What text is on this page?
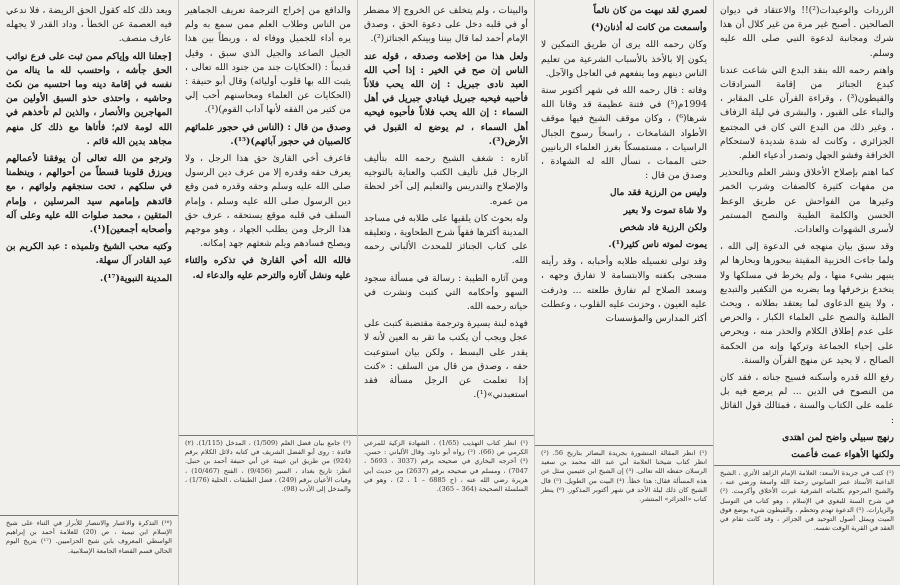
الزردات والوعيدات(²)!! والاعتقاد في ديوان الصالحين . أصبح غير مرة من غير كلال أن هذا شرك ومجانبة لدعوة النبي صلى الله عليه وسلم.

واهتم رحمه الله بنقد البدع التي شاعت عندنا كبدع الجنائز من إقامة السرادقات والقيطون(³) ، وقراءة القرآن على المقابر ، والبناء على القبور ، والبشرى في ليلة الزفاف ، وغير ذلك من البدع التي كان في المجتمع الجزائري ، وكانت له شدة شديدة لاستحكام الخرافة وفشو الجهل وتصدر أدعياء العلم.

كما اهتم بإصلاح الأخلاق ونشر العلم وبالتحذير من مفهات كثيرة كالصفات وشرب الخمر وغيرها من الفواحش عن طريق الوعظ الحسن والكلمة الطيبة والنصح المستمر لأسرى الشهوات والعادات.

وقد سبق بيان منهجه في الدعوة إلى الله ، ولما جاءت الحزبية المقيتة ببحورها وبحارها لم ينبهر بشيء منها ، ولم يخرط في مسلكها ولا ينخدع بزخرفها وما يضربه من التكفير والتبديع ، ولا يتبع الدعاوى لما يعتقد بطلانه ، ويحث الطلبة والنصح على العلماء الكبار ، والحرص على عدم إطلاق الكلام والحذر منه ، ويحرص على إحياء الجماعة وتركها وإنه من الحكمة الصالح ، لا يحيد عن منهج القرآن والسنة.

رفع الله قدره وأسكنه فسيح جناته ، فقد كان من النصوح في الدين ... لم يرضع فيه بل علمه على الكتاب والسنة ، فمثالك قول القائل :

رنهج سبيلي واضح لمن اهتدى

ولكنها الأهواء عمت فأعمت

(¹) كتب في جريدة الأسعد: العلامة الإمام الزاهد الأثري ، الشيخ الداعية الأستاذ عمر الصابوني رحمة الله واسعة ورضي عنه ، والشيخ المرحوم بكلماته الشرقية غيرت الأخلاق وأكرمت. (²) في شرح السنة للبغوي في الإسلام ، وهو كتاب في التوسل والزيارات. (³) الدعوة تهدم وتحطم ، والقيطون شيء يوضع فوق الميت ويمثل أصول التوحيد في الجزائر ، وقد كانت تقام في العقد في القرية الوقت نفسه.

لعمري لقد نبهت من كان نائماً

وأسمعت من كانت له أذنان(⁴)

وكان رحمه الله يرى أن طريق التمكين لا يكون إلا بالأخذ بالأسباب الشرعية من تعليم الناس دينهم وما ينفعهم في العاجل والآجل.

وفاته : قال رحمه الله في شهر أكتوبر سنة 1994م(⁵) في فتنة عظيمة قد وقانا الله شرها(⁶) ، وكان موقف الشيخ فيها موقف الأطواد الشامخات ، راسخاً رسوخ الجبال الراسيات ، مستمسكاً بغرز العلماء الربانيين حتى الممات ، نسأل الله له الشهادة ، وصدق من قال :

وليس من الرزية فقد مال

ولا شاة تموت ولا بعير

ولكن الرزية فاد شخص

يموت لموته ناس كثير(¹).

وقد تولى تغسيله طلابه وأحبابه ، وقد رأيته مسجى بكفنه والابتسامة لا تفارق وجهه ، وسعد الصلاح لم تفارق طلعته ... وذرفت عليه العيون ، وحزنت عليه القلوب ، وعطلت أكثر المدارس والمؤسسات

(¹) انظر المقالة المنشورة بجريدة البصائر بتاريخ 56. (²) انظر كتاب شيخنا العلامة أبي عبد الله محمد بن سعيد الرسلان حفظه الله تعالى. (³) إن الشيخ ابن عثيمين سئل عن هذه المسألة فقال: هذا خطأ. (⁴) البيت من الطويل. (⁵) قال الشيخ كان ذلك ليلة الأحد في شهر أكتوبر المذكور. (⁶) ينظر كتاب «الجزائر» المنتشر.

والبينات ، ولم يتخلف عن الخروج إلا مضطر أو في قلبه دخل على دعوة الحق ، وصدق الإمام أحمد لما قال بيننا وبينكم الجنائز(²).

ولعل هذا من إخلاصه وصدقه ، قوله عند الناس إن صح في الخير : إذا أحب الله العبد نادى جبريل : إن الله يحب فلاناً فأحببه فيحبه جبريل فينادي جبريل في أهل السماء : إن الله يحب فلاناً فأحبوه فيحبه أهل السماء ، ثم يوضع له القبول في الأرض(³).

آثاره : شغف الشيخ رحمه الله بتأليف الرجال قبل تأليف الكتب والعناية بالتوجيه والإصلاح والتدريس والتعليم إلى آخر لحظة من عمره.

وله بحوث كان يلقيها على طلابه في مساجد المدينة أكثرها فقهاً شرح الطحاوية ، وتعليقه على كتاب الجنائز للمحدث الألباني رحمه الله.

ومن آثاره الطيبة : رسالة في مسألة سجود السهو وأحكامه التي كتبت ونشرت في حياته رحمه الله.

فهذه لبنة يسيرة وترجمة مقتضبة كتبت على عجل ويجب أن يكتب ما تقر به العين لأنه لا يقدر على البسط ، ولكن بيان استوعبت حقه ، وصدق من قال من السلف : «كنت إذا تعلمت عن الرجل مسألة فقد استعبدني»(¹).

(¹) انظر كتاب التهذيب (1/65) ، الشهادة الزكية للمرعي الكرمي ص (66). (²) رواه أبو داود. وقال الألباني : حسن. (³) أخرجه البخاري في صحيحه برقم (3037 ، 5693 ، 7047) ، ومسلم في صحيحه برقم (2637) من حديث أبي هريرة رضي الله عنه ، (ح 6885 – 1 ، 2) ، وهو في السلسلة الصحيحة (364 – 365).

والدافع من إخراج الترجمة تعريف الجماهير من الناس وطلاب العلم ممن سمع به ولم يره أداء للجميل ووفاء له ، وربطاً بين هذا الجيل الصاعد والجيل الذي سبق ، وقيل قديماً : (الحكايات جند من جنود الله تعالى ، يثبت الله بها قلوب أوليائه) وقال أبو حنيفة : (الحكايات عن العلماء ومحاسنهم أحب إلي من كثير من الفقه لأنها آداب القوم)(¹).

وصدق من قال : (الناس في حجور علمائهم كالصبيان في حجور آبائهم)(¹⁵).

فاعرف أخي القارئ حق هذا الرجل ، ولا يعرف حقه وقدره إلا من عرف دين الرسول صلى الله عليه وسلم وحقه وقدره فمن وقع دين الرسول صلى الله عليه وسلم ، وإمام السلف في قلبه موقع يستحقه ، عرف حق هذا الرجل ومن يطلب الجهاد ، وهو موجهم ويصلح فسادهم ويلم شعثهم جهد إمكانه.

فالله الله أخي القارئ في تذكره والثناء عليه ونشل آثاره والترحم عليه والدعاء له.

(¹) جامع بيان فضل العلم (1/509) ، المدخل (1/115). (٢) قائدة : روى أبو الفضل الشريف في كتابه دلائل الكلام برقم (924) من طريق ابن عيينة عن أبي حنيفة أحمد بن حنبل. انظر: تاريخ بغداد ، السير (9/456) ، الفتح (10/467) ، وفيات الأعيان برقم (249) ، فضل الطبقات ، الحلية (1/76) ، والمدخل إلى الأدب (98).

ويعد ذلك كله كقول الحق الريضة ، فلا ندعي فيه العصمة عن الخطأ ، وداد القدر لا يجهله عارف منصف.

[جعلنا الله وإياكم ممن ثبت على فرع نوائب الحق جأشه ، واحتسب لله ما يناله من نفسه في إقامة دينه وما احتسبه من نكث وحاشيه ، واحتذى حذو السبق الأولين من المهاجرين والأنصار ، والذين لم تأخذهم في الله لومة لائم؛ فأتاها مع ذلك كل منهم مجاهد بدين الله قائم .

وترجو من الله تعالى أن يوفقنا لأعمالهم ويرزق قلوبنا قسطاً من أحوالهم ، وينظمنا في سلكهم ، تحت سنجقهم ولوائهم ، مع قائدهم وإمامهم سيد المرسلين ، وإمام المتقين ، محمد صلوات الله عليه وعلى آله وأصحابه أجمعين](¹).

وكتبه محب الشيخ وتلميذه : عبد الكريم بن عبد القادر آل سهلة.

المدينة النبوية(¹⁷).

(¹⁶) التذكرة والاعتبار والانتصار للأبرار في الثناء على شيخ الإسلام ابن تيمية ، ص (20) للعلامة أحمد بن إبراهيم الواسطي المعروف بابن شيخ الحزاميين. (¹⁷) بتريخ اليوم الحالي قسم القضاء الجامعة الإسلامية.
